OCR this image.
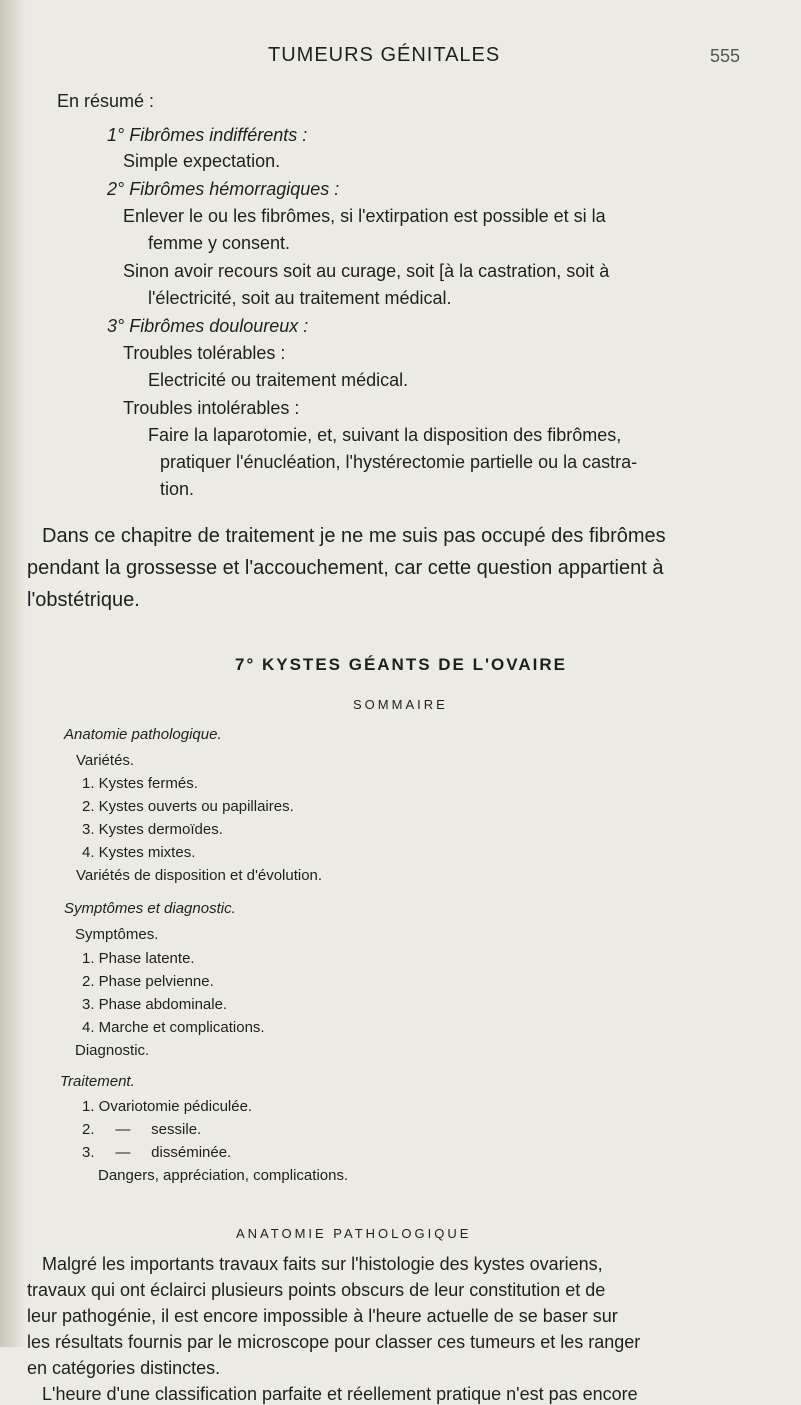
TUMEURS GÉNITALES	555
En résumé :
1° Fibrômes indifférents :
Simple expectation.
2° Fibrômes hémorragiques :
Enlever le ou les fibrômes, si l'extirpation est possible et si la
femme y consent.
Sinon avoir recours soit au curage, soit [à la castration, soit à
l'électricité, soit au traitement médical.
3° Fibrômes douloureux :
Troubles tolérables :
Electricité ou traitement médical.
Troubles intolérables :
Faire la laparotomie, et, suivant la disposition des fibrômes,
pratiquer l'énucléation, l'hystérectomie partielle ou la castra-
tion.
Dans ce chapitre de traitement je ne me suis pas occupé des fibrômes
pendant la grossesse et l'accouchement, car cette question appartient à
l'obstétrique.
7° KYSTES GÉANTS DE L'OVAIRE
SOMMAIRE
Anatomie pathologique.
Variétés.
1. Kystes fermés.
2. Kystes ouverts ou papillaires.
3. Kystes dermoïdes.
4. Kystes mixtes.
Variétés de disposition et d'évolution.
Symptômes et diagnostic.
Symptômes.
1. Phase latente.
2. Phase pelvienne.
3. Phase abdominale.
4. Marche et complications.
Diagnostic.
Traitement.
1. Ovariotomie pédiculée.
2.     —     sessile.
3.     —     disséminée.
Dangers, appréciation, complications.
ANATOMIE PATHOLOGIQUE
Malgré les importants travaux faits sur l'histologie des kystes ovariens,
travaux qui ont éclairci plusieurs points obscurs de leur constitution et de
leur pathogénie, il est encore impossible à l'heure actuelle de se baser sur
les résultats fournis par le microscope pour classer ces tumeurs et les ranger
en catégories distinctes.
L'heure d'une classification parfaite et réellement pratique n'est pas encore
